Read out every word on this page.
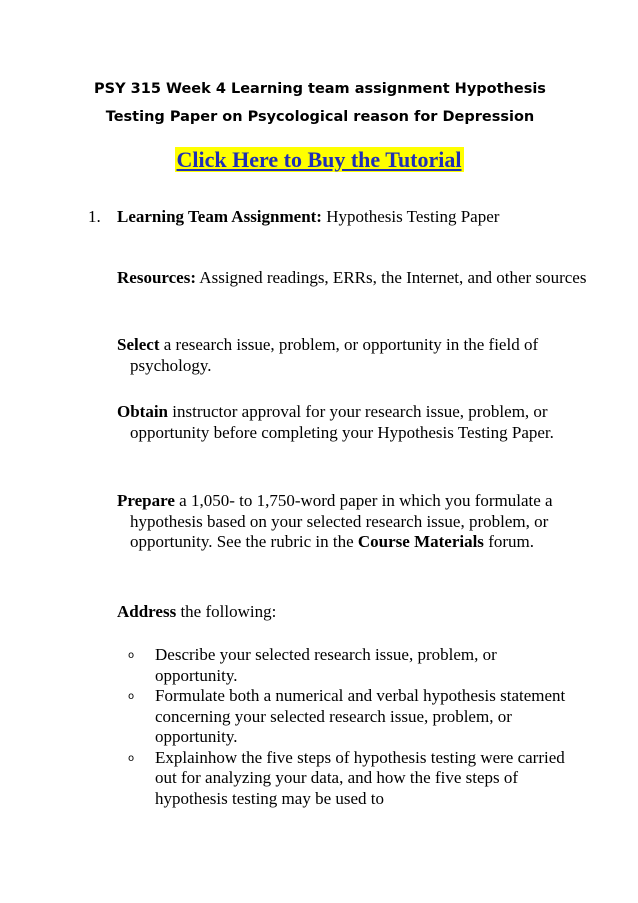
PSY 315 Week 4 Learning team assignment Hypothesis
Testing Paper on Psycological reason for Depression
Click Here to Buy the Tutorial
1. Learning Team Assignment: Hypothesis Testing Paper
Resources: Assigned readings, ERRs, the Internet, and other sources
Select a research issue, problem, or opportunity in the field of psychology.
Obtain instructor approval for your research issue, problem, or opportunity before completing your Hypothesis Testing Paper.
Prepare a 1,050- to 1,750-word paper in which you formulate a hypothesis based on your selected research issue, problem, or opportunity. See the rubric in the Course Materials forum.
Address the following:
o Describe your selected research issue, problem, or opportunity.
o Formulate both a numerical and verbal hypothesis statement concerning your selected research issue, problem, or opportunity.
o Explainhow the five steps of hypothesis testing were carried out for analyzing your data, and how the five steps of hypothesis testing may be used to
